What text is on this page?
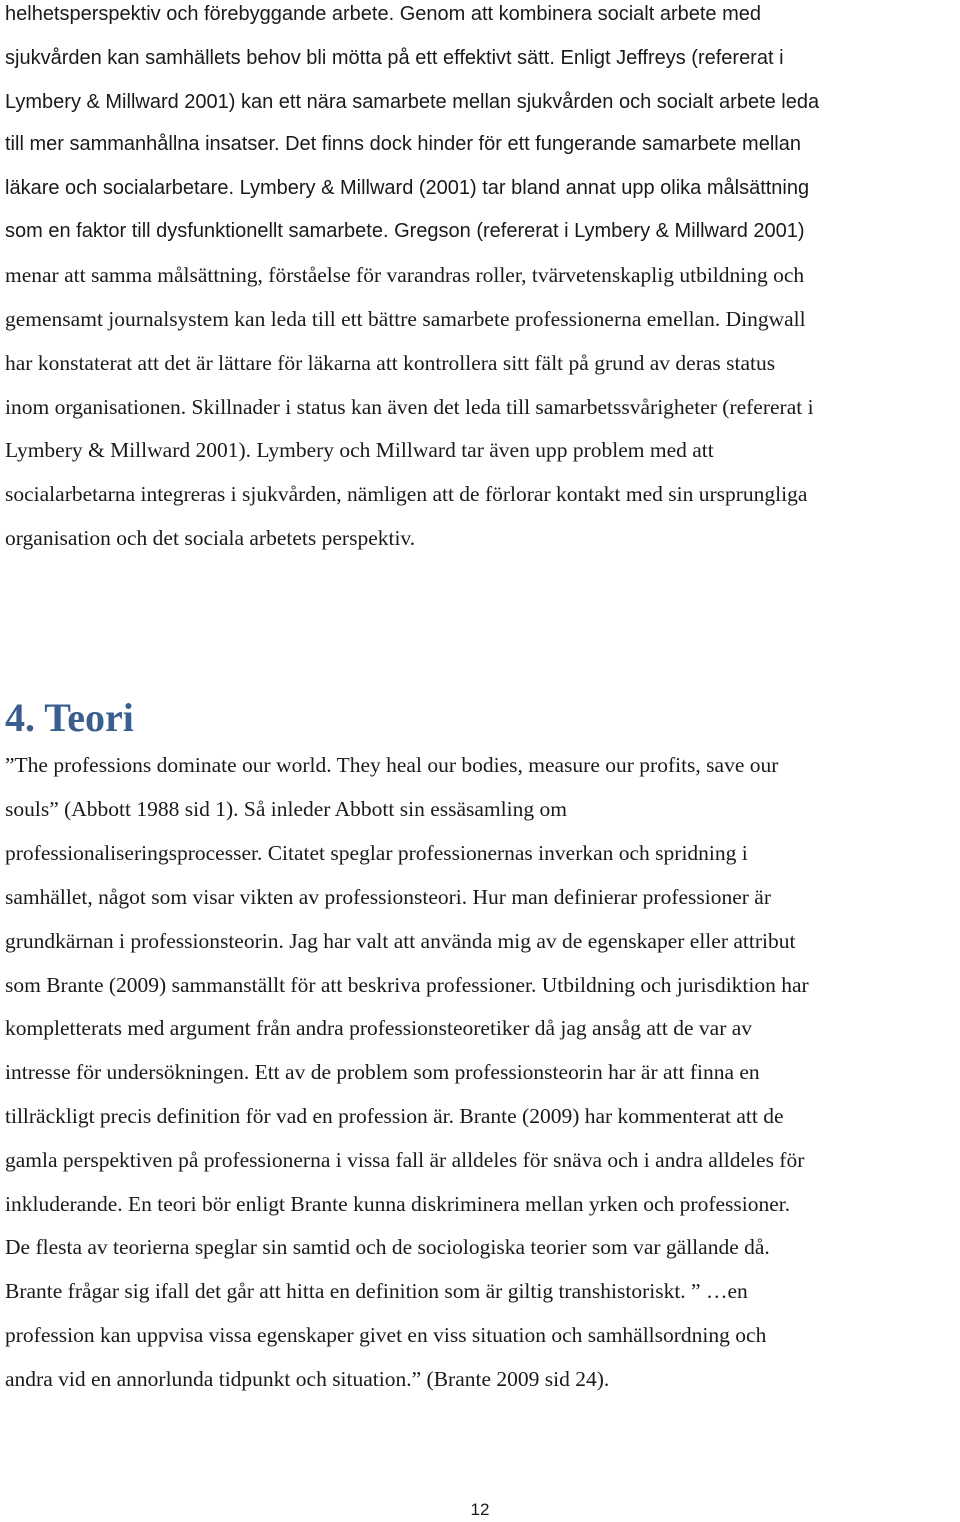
helhetsperspektiv och förebyggande arbete. Genom att kombinera socialt arbete med
sjukvården kan samhällets behov bli mötta på ett effektivt sätt. Enligt Jeffreys (refererat i
Lymbery & Millward 2001) kan ett nära samarbete mellan sjukvården och socialt arbete leda
till mer sammanhållna insatser. Det finns dock hinder för ett fungerande samarbete mellan
läkare och socialarbetare. Lymbery & Millward (2001) tar bland annat upp olika målsättning
som en faktor till dysfunktionellt samarbete. Gregson (refererat i Lymbery & Millward 2001)
menar att samma målsättning, förståelse för varandras roller, tvärvetenskaplig utbildning och
gemensamt journalsystem kan leda till ett bättre samarbete professionerna emellan. Dingwall
har konstaterat att det är lättare för läkarna att kontrollera sitt fält på grund av deras status
inom organisationen. Skillnader i status kan även det leda till samarbetssvårigheter (refererat i
Lymbery & Millward 2001). Lymbery och Millward tar även upp problem med att
socialarbetarna integreras i sjukvården, nämligen att de förlorar kontakt med sin ursprungliga
organisation och det sociala arbetets perspektiv.
4. Teori
”The professions dominate our world. They heal our bodies, measure our profits, save our
souls” (Abbott 1988 sid 1). Så inleder Abbott sin essäsamling om
professionaliseringsprocesser. Citatet speglar professionernas inverkan och spridning i
samhället, något som visar vikten av professionsteori. Hur man definierar professioner är
grundkärnan i professionsteorin. Jag har valt att använda mig av de egenskaper eller attribut
som Brante (2009) sammanställt för att beskriva professioner. Utbildning och jurisdiktion har
kompletterats med argument från andra professionsteoretiker då jag ansåg att de var av
intresse för undersökningen. Ett av de problem som professionsteorin har är att finna en
tillräckligt precis definition för vad en profession är. Brante (2009) har kommenterat att de
gamla perspektiven på professionerna i vissa fall är alldeles för snäva och i andra alldeles för
inkluderande. En teori bör enligt Brante kunna diskriminera mellan yrken och professioner.
De flesta av teorierna speglar sin samtid och de sociologiska teorier som var gällande då.
Brante frågar sig ifall det går att hitta en definition som är giltig transhistoriskt. ” …en
profession kan uppvisa vissa egenskaper givet en viss situation och samhällsordning och
andra vid en annorlunda tidpunkt och situation.” (Brante 2009 sid 24).
12
